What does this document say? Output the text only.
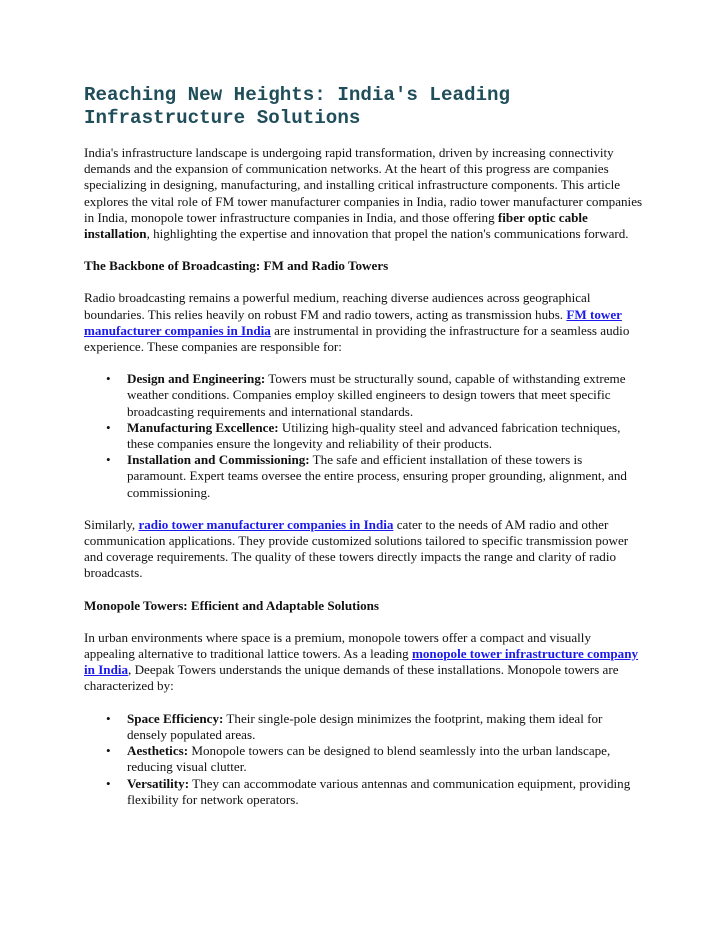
Reaching New Heights: India's Leading Infrastructure Solutions

India's infrastructure landscape is undergoing rapid transformation, driven by increasing connectivity demands and the expansion of communication networks. At the heart of this progress are companies specializing in designing, manufacturing, and installing critical infrastructure components. This article explores the vital role of FM tower manufacturer companies in India, radio tower manufacturer companies in India, monopole tower infrastructure companies in India, and those offering fiber optic cable installation, highlighting the expertise and innovation that propel the nation's communications forward.

The Backbone of Broadcasting: FM and Radio Towers

Radio broadcasting remains a powerful medium, reaching diverse audiences across geographical boundaries. This relies heavily on robust FM and radio towers, acting as transmission hubs. FM tower manufacturer companies in India are instrumental in providing the infrastructure for a seamless audio experience. These companies are responsible for:

• Design and Engineering: Towers must be structurally sound, capable of withstanding extreme weather conditions. Companies employ skilled engineers to design towers that meet specific broadcasting requirements and international standards.
• Manufacturing Excellence: Utilizing high-quality steel and advanced fabrication techniques, these companies ensure the longevity and reliability of their products.
• Installation and Commissioning: The safe and efficient installation of these towers is paramount. Expert teams oversee the entire process, ensuring proper grounding, alignment, and commissioning.

Similarly, radio tower manufacturer companies in India cater to the needs of AM radio and other communication applications. They provide customized solutions tailored to specific transmission power and coverage requirements. The quality of these towers directly impacts the range and clarity of radio broadcasts.

Monopole Towers: Efficient and Adaptable Solutions

In urban environments where space is a premium, monopole towers offer a compact and visually appealing alternative to traditional lattice towers. As a leading monopole tower infrastructure company in India, Deepak Towers understands the unique demands of these installations. Monopole towers are characterized by:

• Space Efficiency: Their single-pole design minimizes the footprint, making them ideal for densely populated areas.
• Aesthetics: Monopole towers can be designed to blend seamlessly into the urban landscape, reducing visual clutter.
• Versatility: They can accommodate various antennas and communication equipment, providing flexibility for network operators.
